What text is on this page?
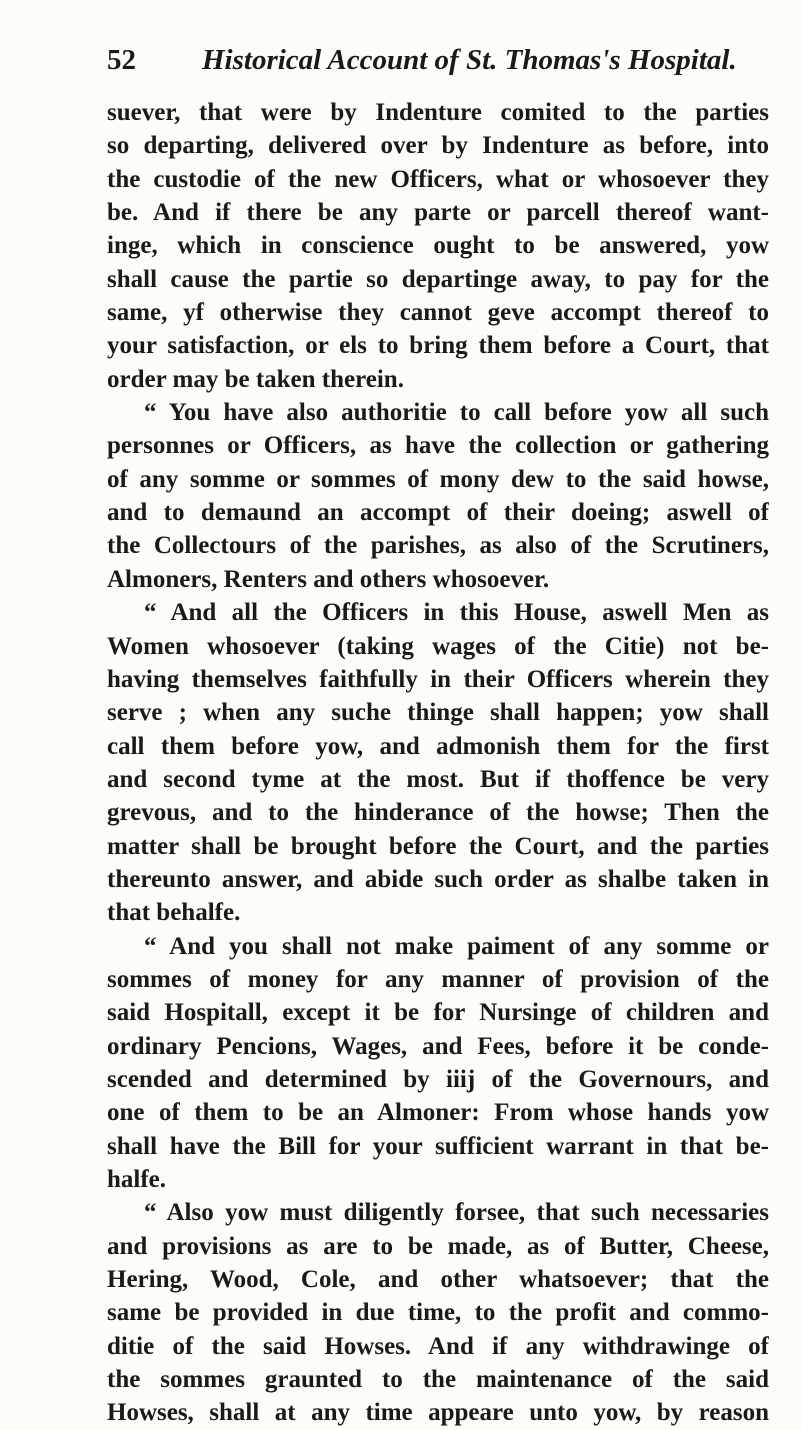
52 Historical Account of St. Thomas's Hospital.
suever, that were by Indenture comited to the parties
so departing, delivered over by Indenture as before, into
the custodie of the new Officers, what or whosoever they
be. And if there be any parte or parcell thereof want-
inge, which in conscience ought to be answered, yow
shall cause the partie so departinge away, to pay for the
same, yf otherwise they cannot geve accompt thereof to
your satisfaction, or els to bring them before a Court, that
order may be taken therein.
“ You have also authoritie to call before yow all such
personnes or Officers, as have the collection or gathering
of any somme or sommes of mony dew to the said howse,
and to demaund an accompt of their doeing; aswell of
the Collectours of the parishes, as also of the Scrutiners,
Almoners, Renters and others whosoever.
“ And all the Officers in this House, aswell Men as
Women whosoever (taking wages of the Citie) not be-
having themselves faithfully in their Officers wherein they
serve ; when any suche thinge shall happen; yow shall
call them before yow, and admonish them for the first
and second tyme at the most. But if thoffence be very
grevous, and to the hinderance of the howse; Then the
matter shall be brought before the Court, and the parties
thereunto answer, and abide such order as shalbe taken in
that behalfe.
“ And you shall not make paiment of any somme or
sommes of money for any manner of provision of the
said Hospitall, except it be for Nursinge of children and
ordinary Pencions, Wages, and Fees, before it be conde-
scended and determined by iiij of the Governours, and
one of them to be an Almoner: From whose hands yow
shall have the Bill for your sufficient warrant in that be-
halfe.
“ Also yow must diligently forsee, that such necessaries
and provisions as are to be made, as of Butter, Cheese,
Hering, Wood, Cole, and other whatsoever; that the
same be provided in due time, to the profit and commo-
ditie of the said Howses. And if any withdrawinge of
the sommes graunted to the maintenance of the said
Howses, shall at any time appeare unto yow, by reason
